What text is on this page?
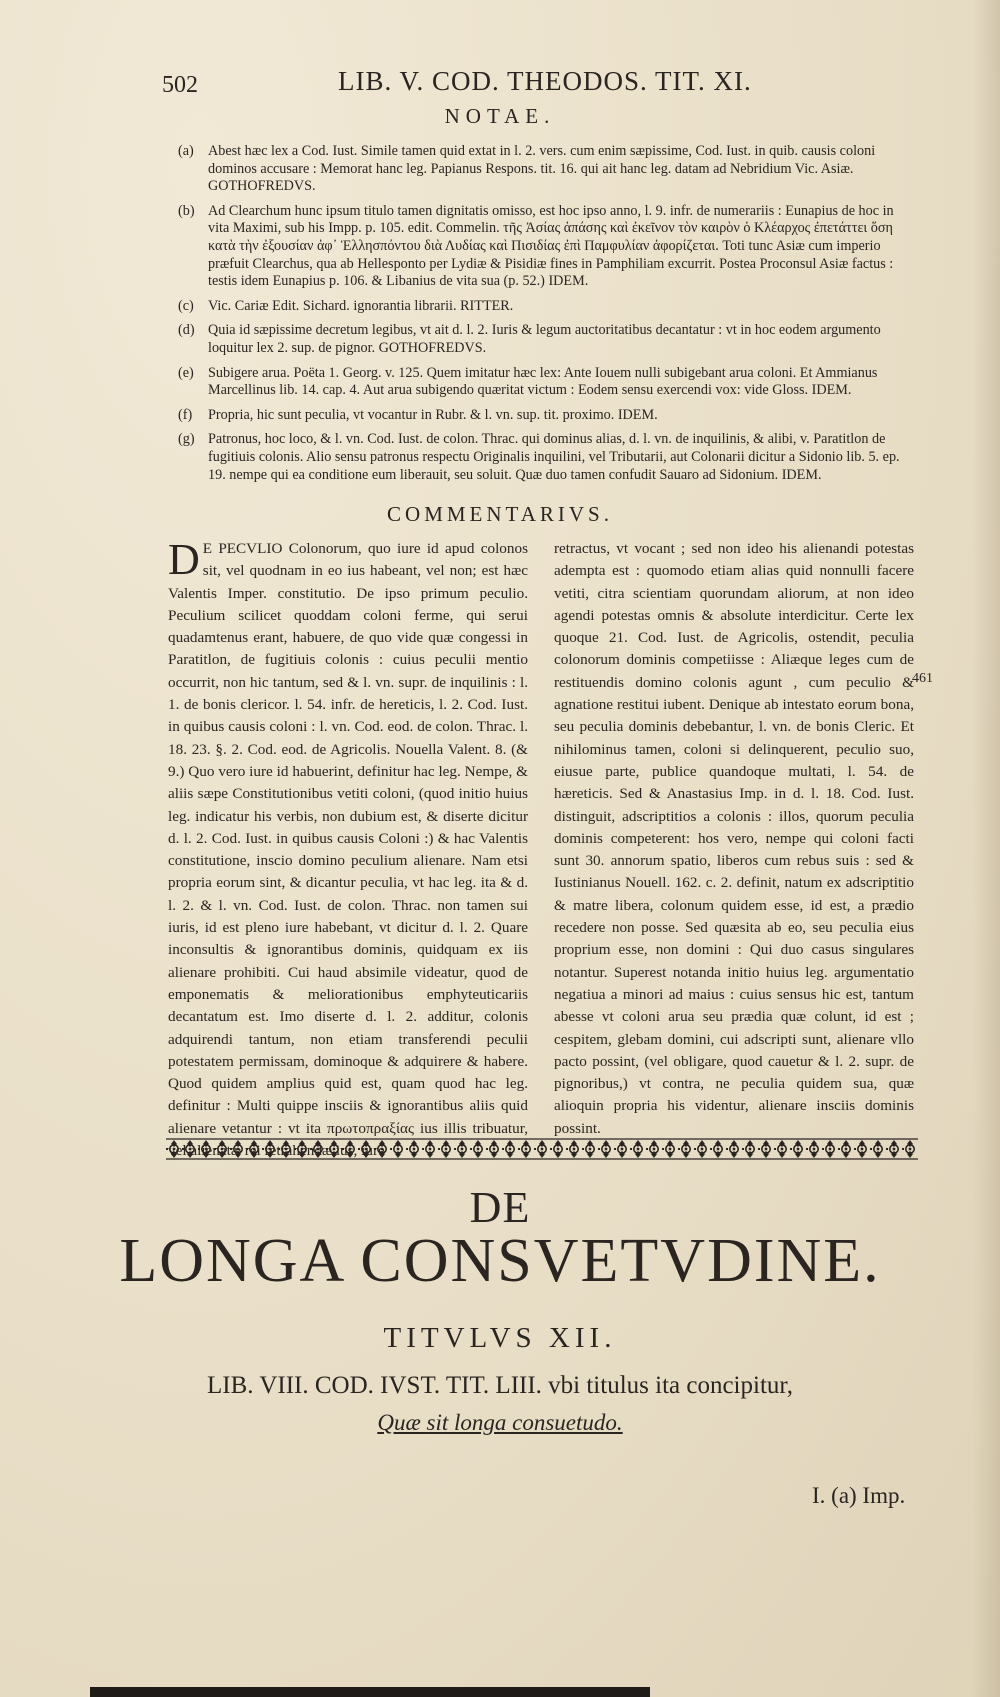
502	LIB. V. COD. THEODOS. TIT. XI.
NOTAE.
(a) Abest hæc lex a Cod. Iust. Simile tamen quid extat in l. 2. vers. cum enim sæpissime, Cod. Iust. in quib. causis coloni dominos accusare : Memorat hanc leg. Papianus Respons. tit. 16. qui ait hanc leg. datam ad Nebridium Vic. Asiæ. GOTHOFREDVS.
(b) Ad Clearchum hunc ipsum titulo tamen dignitatis omisso, est hoc ipso anno, l. 9. infr. de numerariis : Eunapius de hoc in vita Maximi, sub his Impp. p. 105. edit. Commelin. τῆς Ἀσίας ἁπάσης καὶ ἐκεῖνον τὸν καιρὸν ὁ Κλέαρχος ἐπετάττει ὅση κατὰ τὴν ἐξουσίαν ἀφ᾽ Ἑλλησπόντου διὰ Λυδίας καὶ Πισιδίας ἐπὶ Παμφυλίαν ἀφορίζεται. Toti tunc Asiæ cum imperio præfuit Clearchus, qua ab Hellesponto per Lydiæ & Pisidiæ fines in Pamphiliam excurrit. Postea Proconsul Asiæ factus : testis idem Eunapius p. 106. & Libanius de vita sua (p. 52.) IDEM.
(c) Vic. Cariæ Edit. Sichard. ignorantia librarii. RITTER.
(d) Quia id sæpissime decretum legibus, vt ait d. l. 2. Iuris & legum auctoritatibus decantatur : vt in hoc eodem argumento loquitur lex 2. sup. de pignor. GOTHOFREDVS.
(e) Subigere arua. Poëta 1. Georg. v. 125. Quem imitatur hæc lex: Ante Iouem nulli subigebant arua coloni. Et Ammianus Marcellinus lib. 14. cap. 4. Aut arua subigendo quæritat victum : Eodem sensu exercendi vox: vide Gloss. IDEM.
(f) Propria, hic sunt peculia, vt vocantur in Rubr. & l. vn. sup. tit. proximo. IDEM.
(g) Patronus, hoc loco, & l. vn. Cod. Iust. de colon. Thrac. qui dominus alias, d. l. vn. de inquilinis, & alibi, v. Paratitlon de fugitiuis colonis. Alio sensu patronus respectu Originalis inquilini, vel Tributarii, aut Colonarii dicitur a Sidonio lib. 5. ep. 19. nempe qui ea conditione eum liberauit, seu soluit. Quæ duo tamen confudit Sauaro ad Sidonium. IDEM.
COMMENTARIVS.
D E PECVLIO Colonorum, quo iure id apud colonos sit, vel quodnam in eo ius habeant, vel non; est hæc Valentis Imper. constitutio. De ipso primum peculio. Peculium scilicet quoddam coloni ferme, qui serui quadamtenus erant, habuere, de quo vide quæ congessi in Paratitlon, de fugitiuis colonis : cuius peculii mentio occurrit, non hic tantum, sed & l. vn. supr. de inquilinis : l. 1. de bonis clericor. l. 54. infr. de hereticis, l. 2. Cod. Iust. in quibus causis coloni : l. vn. Cod. eod. de colon. Thrac. l. 18. 23. §. 2. Cod. eod. de Agricolis. Nouella Valent. 8. (& 9.) Quo vero iure id habuerint, definitur hac leg. Nempe, & aliis sæpe Constitutionibus vetiti coloni, (quod initio huius leg. indicatur his verbis, non dubium est, & diserte dicitur d. l. 2. Cod. Iust. in quibus causis Coloni :) & hac Valentis constitutione, inscio domino peculium alienare. Nam etsi propria eorum sint, & dicantur peculia, vt hac leg. ita & d. l. 2. & l. vn. Cod. Iust. de colon. Thrac. non tamen sui iuris, id est pleno iure habebant, vt dicitur d. l. 2. Quare inconsultis & ignorantibus dominis, quidquam ex iis alienare prohibiti. Cui haud absimile videatur, quod de emponematis & meliorationibus emphyteuticariis decantatum est. Imo diserte d. l. 2. additur, colonis adquirendi tantum, non etiam transferendi peculii potestatem permissam, dominoque & adquirere & habere. Quod quidem amplius quid est, quam quod hac leg. definitur : Multi quippe insciis & ignorantibus aliis quid alienare vetantur : vt ita πρωτοπραξίας ius illis tribuatur,
retractus, vt vocant ; sed non ideo his alienandi potestas adempta est : quomodo etiam alias quid nonnulli facere vetiti, citra scientiam quorundam aliorum, at non ideo agendi potestas omnis & absolute interdicitur. Certe lex quoque 21. Cod. Iust. de Agricolis, ostendit, peculia colonorum dominis competiisse : Aliæque leges cum de restituendis domino colonis agunt , cum peculio & agnatione restitui iubent. Denique ab intestato eorum bona, seu peculia dominis debebantur, l. vn. de bonis Cleric. Et nihilominus tamen, coloni si delinquerent, peculio suo, eiusue parte, publice quandoque multati, l. 54. de hæreticis. Sed & Anastasius Imp. in d. l. 18. Cod. Iust. distinguit, adscriptitios a colonis : illos, quorum peculia dominis competerent: hos vero, nempe qui coloni facti sunt 30. annorum spatio, liberos cum rebus suis : sed & Iustinianus Nouell. 162. c. 2. definit, natum ex adscriptitio & matre libera, colonum quidem esse, id est, a prædio recedere non posse. Sed quæsita ab eo, seu peculia eius proprium esse, non domini : Qui duo casus singulares notantur. Superest notanda initio huius leg. argumentatio negatiua a minori ad maius : cuius sensus hic est, tantum abesse vt coloni arua seu prædia quæ colunt, id est ; cespitem, glebam domini, cui adscripti sunt, alienare vllo pacto possint, (vel obligare, quod cauetur & l. 2. supr. de pignoribus,) vt contra, ne peculia quidem sua, quæ alioquin propria his videntur, alienare insciis dominis possint.
461
DE
LONGA CONSVETVDINE.
TITVLVS XII.
LIB. VIII. COD. IVST. TIT. LIII. vbi titulus ita concipitur,
Quæ sit longa consuetudo.
I. (a) Imp.
